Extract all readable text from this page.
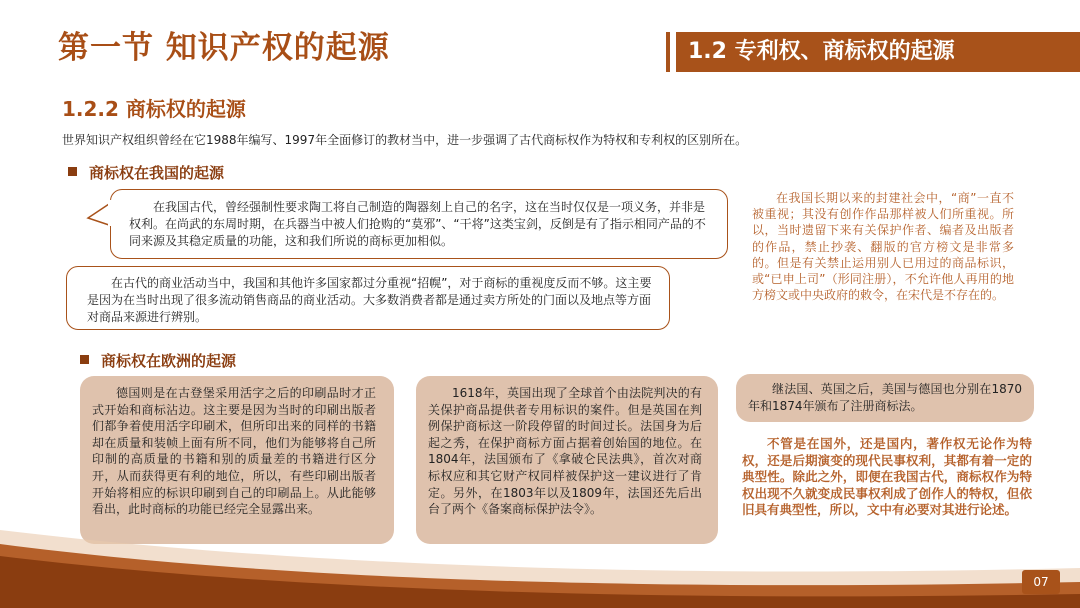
第一节 知识产权的起源	1.2 专利权、商标权的起源
1.2.2 商标权的起源
世界知识产权组织曾经在它1988年编写、1997年全面修订的教材当中，进一步强调了古代商标权作为特权和专利权的区别所在。
商标权在我国的起源

在我国古代，曾经强制性要求陶工将自己制造的陶器刻上自己的名字，这在当时仅仅是一项义务，并非是权利。在尚武的东周时期，在兵器当中被人们抢购的“莫邪”、“干将”这类宝剑，反倒是有了指示相同产品的不同来源及其稳定质量的功能，这和我们所说的商标更加相似。

在古代的商业活动当中，我国和其他许多国家都过分重视“招幌”，对于商标的重视度反而不够。这主要是因为在当时出现了很多流动销售商品的商业活动。大多数消费者都是通过卖方所处的门面以及地点等方面对商品来源进行辨别。

在我国长期以来的封建社会中，“商”一直不被重视；其没有创作作品那样被人们所重视。所以，当时遗留下来有关保护作者、编者及出版者的作品，禁止抄袭、翻版的官方榜文是非常多的。但是有关禁止运用别人已用过的商品标识，或“已申上司”（形同注册），不允许他人再用的地方榜文或中央政府的敕令，在宋代是不存在的。
商标权在欧洲的起源

德国则是在古登堡采用活字之后的印刷品时才正式开始和商标沾边。这主要是因为当时的印刷出版者们都争着使用活字印刷术，但所印出来的同样的书籍却在质量和装帧上面有所不同，他们为能够将自己所印制的高质量的书籍和别的质量差的书籍进行区分开，从而获得更有利的地位，所以，有些印刷出版者开始将相应的标识印刷到自己的印刷品上。从此能够看出，此时商标的功能已经完全显露出来。

1618年，英国出现了全球首个由法院判决的有关保护商品提供者专用标识的案件。但是英国在判例保护商标这一阶段停留的时间过长。法国身为后起之秀，在保护商标方面占据着创始国的地位。在1804年，法国颁布了《拿破仑民法典》，首次对商标权应和其它财产权同样被保护这一建议进行了肯定。另外，在1803年以及1809年，法国还先后出台了两个《备案商标保护法令》。

继法国、英国之后，美国与德国也分别在1870年和1874年颁布了注册商标法。

不管是在国外，还是国内，著作权无论作为特权，还是后期演变的现代民事权利，其都有着一定的典型性。除此之外，即便在我国古代，商标权作为特权出现不久就变成民事权利成了创作人的特权，但依旧具有典型性，所以，文中有必要对其进行论述。
07
